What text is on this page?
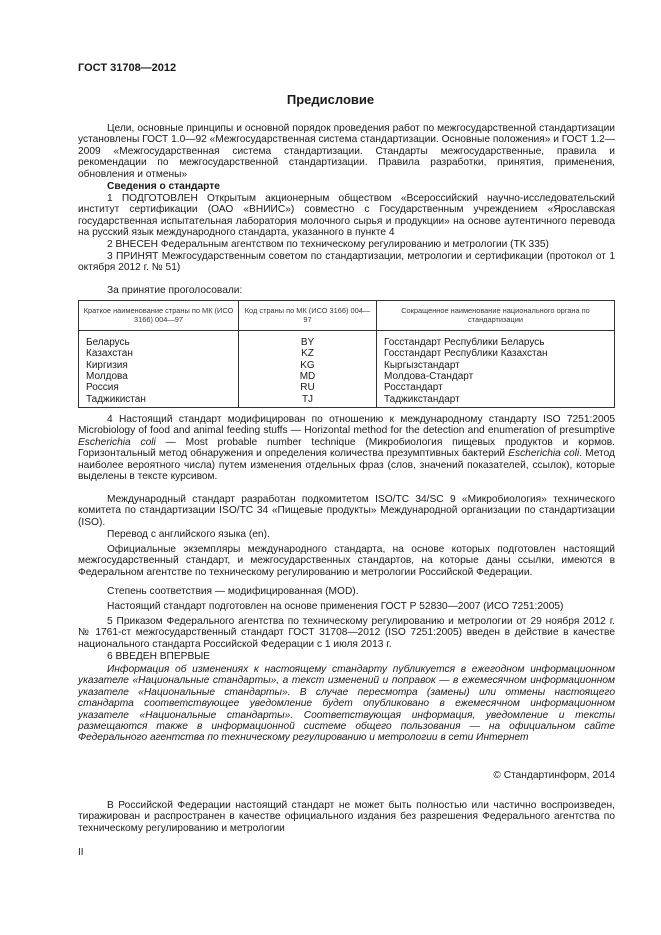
ГОСТ 31708—2012
Предисловие

Цели, основные принципы и основной порядок проведения работ по межгосударственной стандартизации установлены ГОСТ 1.0—92 «Межгосударственная система стандартизации. Основные положения» и ГОСТ 1.2—2009 «Межгосударственная система стандартизации. Стандарты межгосударственные, правила и рекомендации по межгосударственной стандартизации. Правила разработки, принятия, применения, обновления и отмены»

Сведения о стандарте

1 ПОДГОТОВЛЕН Открытым акционерным обществом «Всероссийский научно-исследовательский институт сертификации (ОАО «ВНИИС») совместно с Государственным учреждением «Ярославская государственная испытательная лаборатория молочного сырья и продукции» на основе аутентичного перевода на русский язык международного стандарта, указанного в пункте 4

2 ВНЕСЕН Федеральным агентством по техническому регулированию и метрологии (ТК 335)

3 ПРИНЯТ Межгосударственным советом по стандартизации, метрологии и сертификации (протокол от 1 октября 2012 г. № 51)

За принятие проголосовали:

Краткое наименование страны по МК (ИСО 3166) 004—97	Код страны по МК (ИСО 3166) 004—97	Сокращенное наименование национального органа по стандартизации
Беларусь	BY	Госстандарт Республики Беларусь
Казахстан	KZ	Госстандарт Республики Казахстан
Киргизия	KG	Кыргызстандарт
Молдова	MD	Молдова-Стандарт
Россия	RU	Росстандарт
Таджикистан	TJ	Таджикстандарт

4 Настоящий стандарт модифицирован по отношению к международному стандарту ISO 7251:2005 Microbiology of food and animal feeding stuffs — Horizontal method for the detection and enumeration of presumptive Escherichia coli — Most probable number technique (Микробиология пищевых продуктов и кормов. Горизонтальный метод обнаружения и определения количества презумптивных бактерий Escherichia coli. Метод наиболее вероятного числа) путем изменения отдельных фраз (слов, значений показателей, ссылок), которые выделены в тексте курсивом.

Международный стандарт разработан подкомитетом ISO/TC 34/SC 9 «Микробиология» технического комитета по стандартизации ISO/TC 34 «Пищевые продукты» Международной организации по стандартизации (ISO).

Перевод с английского языка (en).

Официальные экземпляры международного стандарта, на основе которых подготовлен настоящий межгосударственный стандарт, и межгосударственных стандартов, на которые даны ссылки, имеются в Федеральном агентстве по техническому регулированию и метрологии Российской Федерации.

Степень соответствия — модифицированная (MOD).

Настоящий стандарт подготовлен на основе применения ГОСТ Р 52830—2007 (ИСО 7251:2005)

5 Приказом Федерального агентства по техническому регулированию и метрологии от 29 ноября 2012 г. № 1761-ст межгосударственный стандарт ГОСТ 31708—2012 (ISO 7251:2005) введен в действие в качестве национального стандарта Российской Федерации с 1 июля 2013 г.

6 ВВЕДЕН ВПЕРВЫЕ

Информация об изменениях к настоящему стандарту публикуется в ежегодном информационном указателе «Национальные стандарты», а текст изменений и поправок — в ежемесячном информационном указателе «Национальные стандарты». В случае пересмотра (замены) или отмены настоящего стандарта соответствующее уведомление будет опубликовано в ежемесячном информационном указателе «Национальные стандарты». Соответствующая информация, уведомление и тексты размещаются также в информационной системе общего пользования — на официальном сайте Федерального агентства по техническому регулированию и метрологии в сети Интернет

© Стандартинформ, 2014

В Российской Федерации настоящий стандарт не может быть полностью или частично воспроизведен, тиражирован и распространен в качестве официального издания без разрешения Федерального агентства по техническому регулированию и метрологии

II
